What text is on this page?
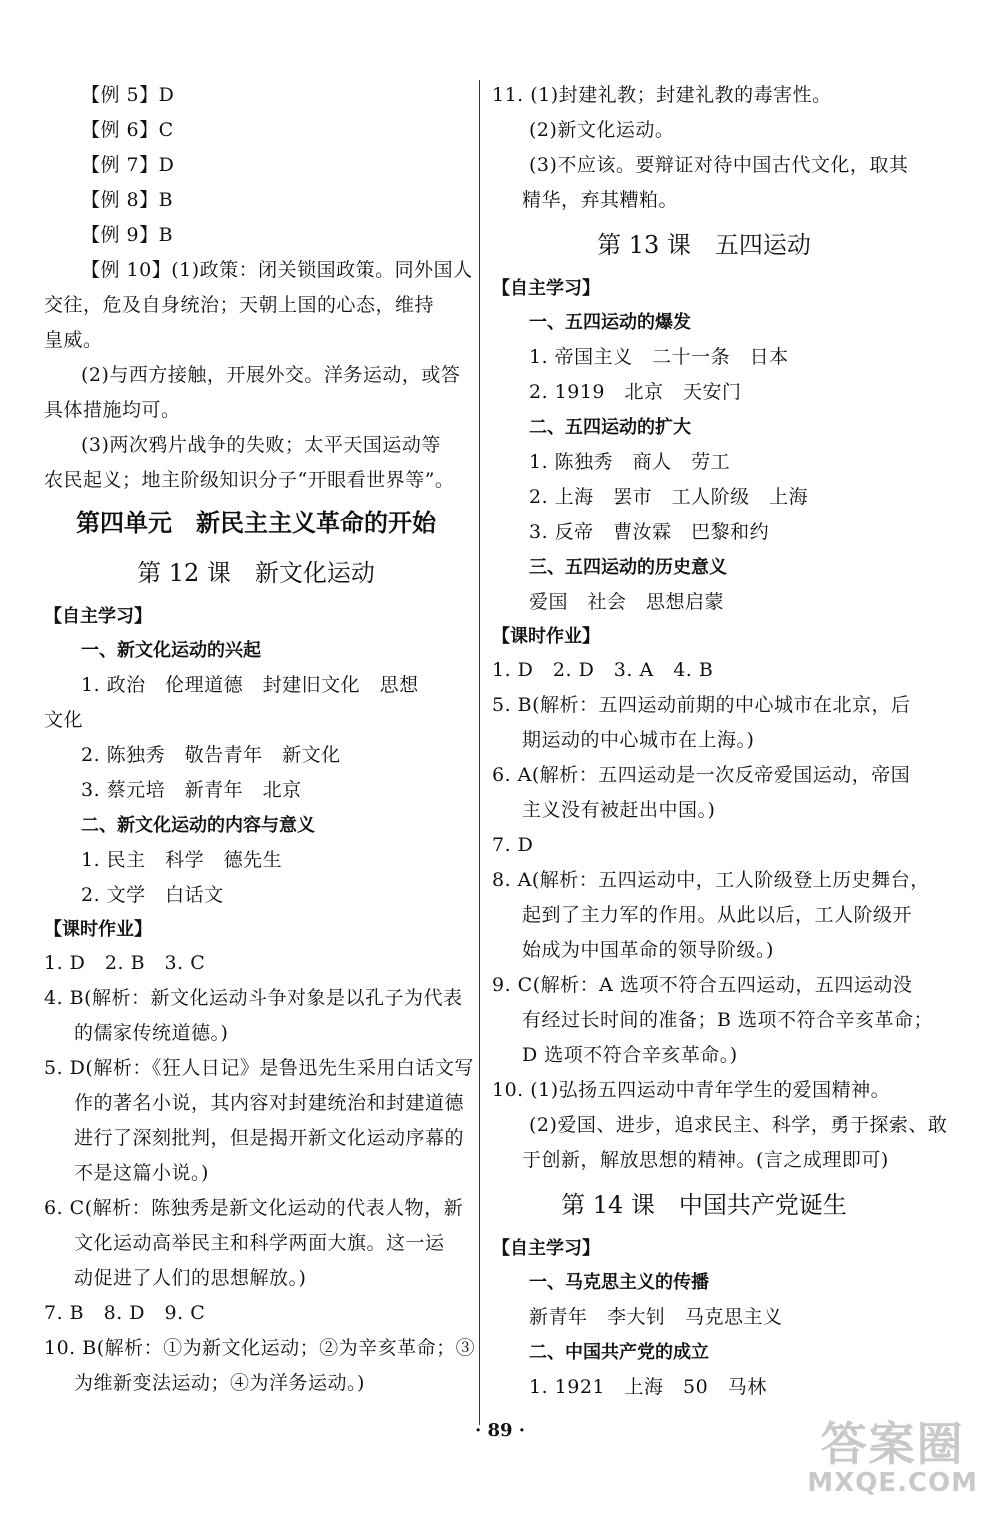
【例 5】D
【例 6】C
【例 7】D
【例 8】B
【例 9】B
【例 10】(1)政策：闭关锁国政策。同外国人
交往，危及自身统治；天朝上国的心态，维持
皇威。
(2)与西方接触，开展外交。洋务运动，或答
具体措施均可。
(3)两次鸦片战争的失败；太平天国运动等
农民起义；地主阶级知识分子“开眼看世界等”。
第四单元　新民主主义革命的开始
第 12 课　新文化运动
【自主学习】
一、新文化运动的兴起
1. 政治　伦理道德　封建旧文化　思想
文化
2. 陈独秀　敬告青年　新文化
3. 蔡元培　新青年　北京
二、新文化运动的内容与意义
1. 民主　科学　德先生
2. 文学　白话文
【课时作业】
1. D　2. B　3. C
4. B(解析：新文化运动斗争对象是以孔子为代表
的儒家传统道德。)
5. D(解析：《狂人日记》是鲁迅先生采用白话文写
作的著名小说，其内容对封建统治和封建道德
进行了深刻批判，但是揭开新文化运动序幕的
不是这篇小说。)
6. C(解析：陈独秀是新文化运动的代表人物，新
文化运动高举民主和科学两面大旗。这一运
动促进了人们的思想解放。)
7. B　8. D　9. C
10. B(解析：①为新文化运动；②为辛亥革命；③
为维新变法运动；④为洋务运动。)
11. (1)封建礼教；封建礼教的毒害性。
(2)新文化运动。
(3)不应该。要辩证对待中国古代文化，取其
精华，弃其糟粕。
第 13 课　五四运动
【自主学习】
一、五四运动的爆发
1. 帝国主义　二十一条　日本
2. 1919　北京　天安门
二、五四运动的扩大
1. 陈独秀　商人　劳工
2. 上海　罢市　工人阶级　上海
3. 反帝　曹汝霖　巴黎和约
三、五四运动的历史意义
爱国　社会　思想启蒙
【课时作业】
1. D　2. D　3. A　4. B
5. B(解析：五四运动前期的中心城市在北京，后
期运动的中心城市在上海。)
6. A(解析：五四运动是一次反帝爱国运动，帝国
主义没有被赶出中国。)
7. D
8. A(解析：五四运动中，工人阶级登上历史舞台，
起到了主力军的作用。从此以后，工人阶级开
始成为中国革命的领导阶级。)
9. C(解析：A 选项不符合五四运动，五四运动没
有经过长时间的准备；B 选项不符合辛亥革命；
D 选项不符合辛亥革命。)
10. (1)弘扬五四运动中青年学生的爱国精神。
(2)爱国、进步，追求民主、科学，勇于探索、敢
于创新，解放思想的精神。(言之成理即可)
第 14 课　中国共产党诞生
【自主学习】
一、马克思主义的传播
新青年　李大钊　马克思主义
二、中国共产党的成立
1. 1921　上海　50　马林
· 89 ·	答案圈
MXQE.COM
